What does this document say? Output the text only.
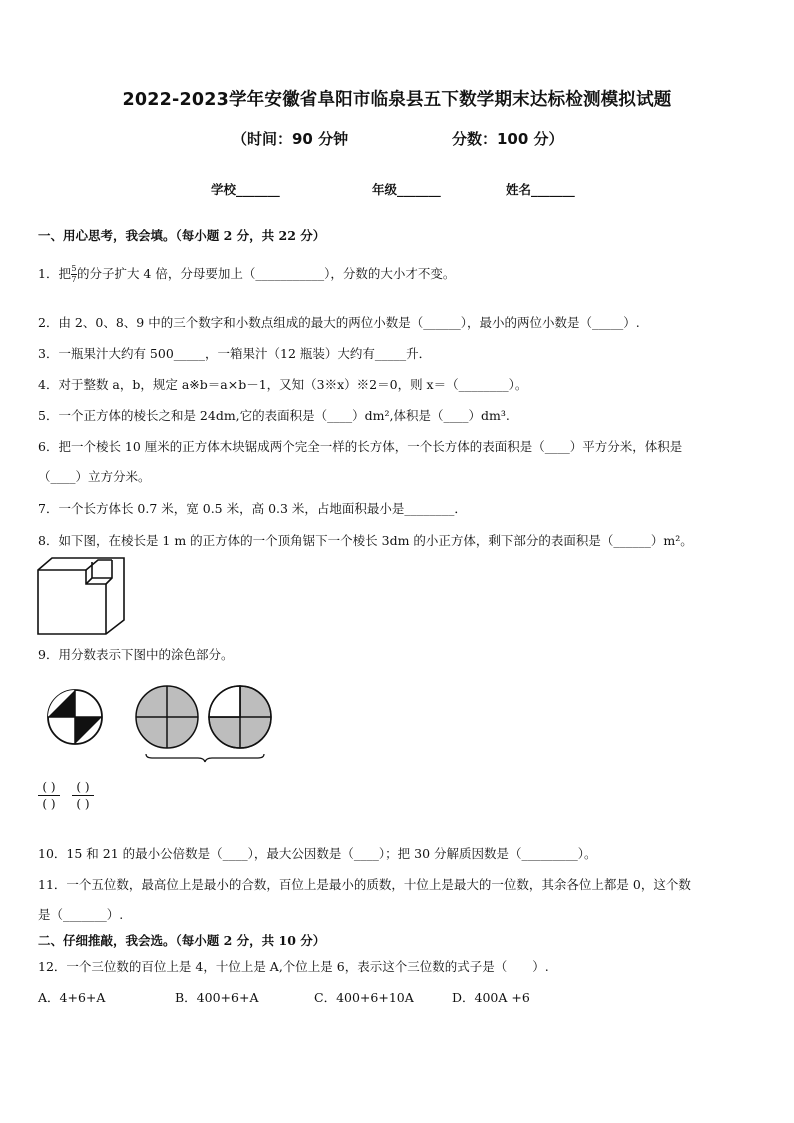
2022-2023学年安徽省阜阳市临泉县五下数学期末达标检测模拟试题
（时间：90 分钟	分数：100 分）
学校_______	年级_______	姓名_______
一、用心思考，我会填。（每小题 2 分，共 22 分）
1．把$\frac{5}{7}$的分子扩大 4 倍，分母要加上（___________），分数的大小才不变。
2．由 2、0、8、9 中的三个数字和小数点组成的最大的两位小数是（______），最小的两位小数是（_____）.
3．一瓶果汁大约有 500_____，一箱果汁（12 瓶装）大约有_____升．
4．对于整数 a，b，规定 a※b＝a×b－1，又知（3※x）※2＝0，则 x＝（________）。
5．一个正方体的棱长之和是 24dm,它的表面积是（____）dm²,体积是（____）dm³.
6．把一个棱长 10 厘米的正方体木块锯成两个完全一样的长方体，一个长方体的表面积是（____）平方分米，体积是
（____）立方分米。
7．一个长方体长 0.7 米，宽 0.5 米，高 0.3 米，占地面积最小是________．
8．如下图，在棱长是 1 m 的正方体的一个顶角锯下一个棱长 3dm 的小正方体，剩下部分的表面积是（______）m²。
9．用分数表示下图中的涂色部分。
$\frac{( )}{( )} \frac{( )}{( )}$
10．15 和 21 的最小公倍数是（____），最大公因数是（____）；把 30 分解质因数是（_________）。
11．一个五位数，最高位上是最小的合数，百位上是最小的质数，十位上是最大的一位数，其余各位上都是 0，这个数
是（_______）.
二、仔细推敲，我会选。（每小题 2 分，共 10 分）
12．一个三位数的百位上是 4，十位上是 A,个位上是 6，表示这个三位数的式子是（　　）.
A．4+6+A	B．400+6+A	C．400+6+10A	D．400A +6
